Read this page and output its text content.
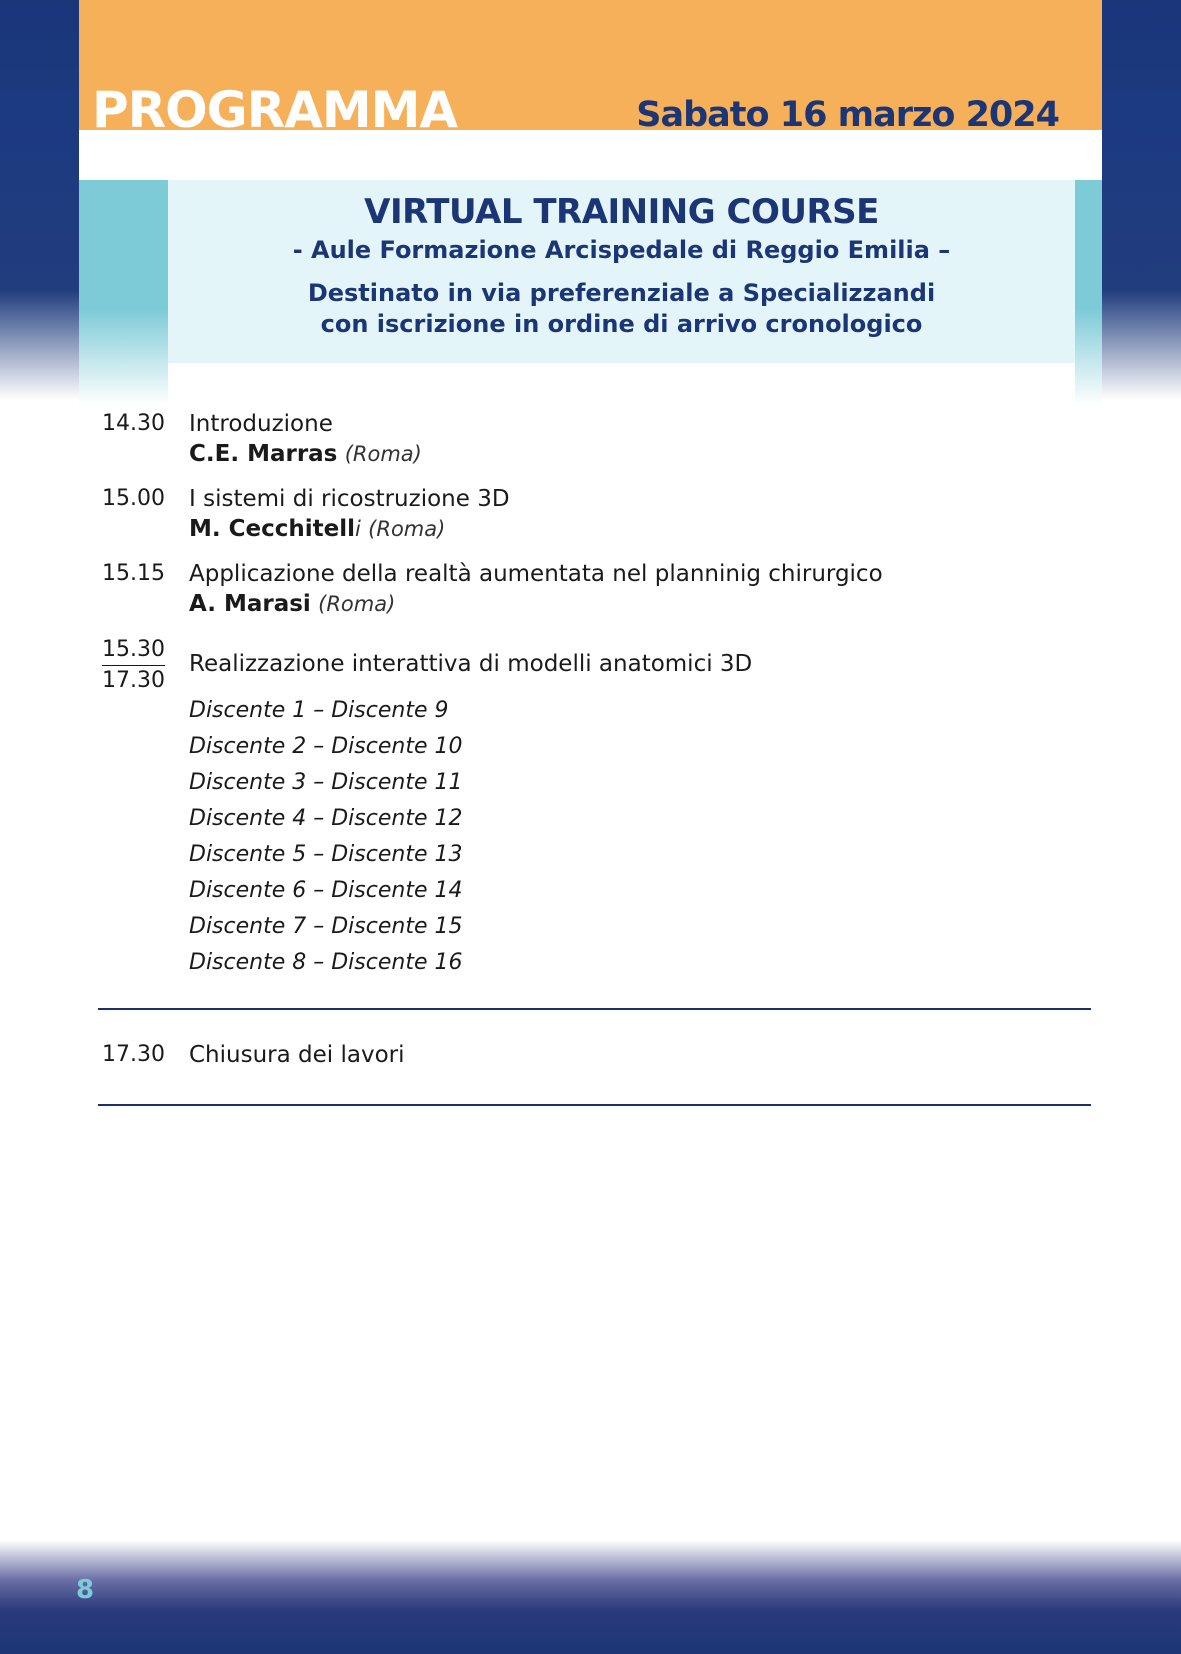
PROGRAMMA	Sabato 16 marzo 2024
VIRTUAL TRAINING COURSE
- Aule Formazione Arcispedale di Reggio Emilia –
Destinato in via preferenziale a Specializzandi
con iscrizione in ordine di arrivo cronologico
14.30 Introduzione
C.E. Marras (Roma)
15.00 I sistemi di ricostruzione 3D
M. Cecchitelli (Roma)
15.15 Applicazione della realtà aumentata nel planninig chirurgico
A. Marasi (Roma)
15.30
17.30
Realizzazione interattiva di modelli anatomici 3D
Discente 1 – Discente 9
Discente 2 – Discente 10
Discente 3 – Discente 11
Discente 4 – Discente 12
Discente 5 – Discente 13
Discente 6 – Discente 14
Discente 7 – Discente 15
Discente 8 – Discente 16
17.30 Chiusura dei lavori
8
